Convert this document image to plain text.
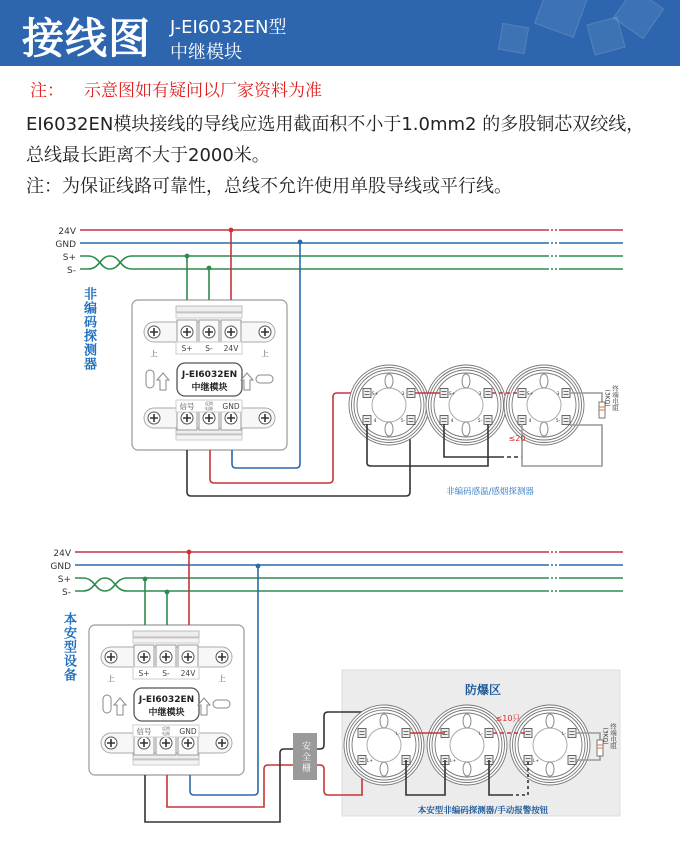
接线图 J-EI6032EN型
中继模块
注： 示意图如有疑问以厂家资料为准
EI6032EN模块接线的导线应选用截面积不小于1.0mm2 的多股铜芯双绞线，
总线最长距离不大于2000米。
注：为保证线路可靠性，总线不允许使用单股导线或平行线。
24V
GND
S+
S-
S+ S- 24V
上	上
J-EI6032EN
中继模块
信号	反馈
电源 GND
S+	3
4	5-
S+	3
4	5-
S+	3
4	5-
终端电阻
(3KΩ)
≤20
非编码感温/感烟探测器
24V
GND
S+
S-
S+ S- 24V
上	上
J-EI6032EN
中继模块
信号	反馈
电源 GND
防爆区
L-
L+
L-
L+
L-
L+
终端电阻
(3KΩ)
≤10只
本安型非编码探测器/手动报警按钮
非编码探测器
本安型设备
安全栅
